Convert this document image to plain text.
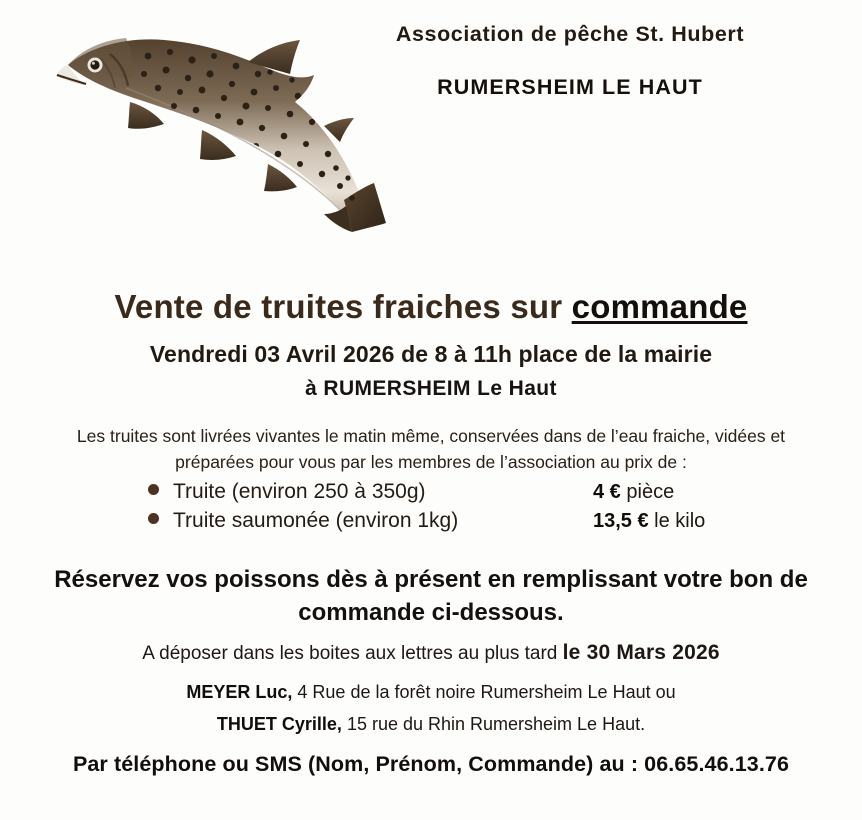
Association de pêche St. Hubert
RUMERSHEIM LE HAUT
Vente de truites fraiches sur commande
Vendredi 03 Avril 2026 de 8 à 11h place de la mairie
à RUMERSHEIM Le Haut
Les truites sont livrées vivantes le matin même, conservées dans de l’eau fraiche, vidées et
préparées pour vous par les membres de l’association au prix de :
Truite (environ 250 à 350g)	4 € pièce
Truite saumonée (environ 1kg)	13,5 € le kilo
Réservez vos poissons dès à présent en remplissant votre bon de
commande ci-dessous.
A déposer dans les boites aux lettres au plus tard le 30 Mars 2026
MEYER Luc, 4 Rue de la forêt noire Rumersheim Le Haut ou
THUET Cyrille, 15 rue du Rhin Rumersheim Le Haut.
Par téléphone ou SMS (Nom, Prénom, Commande) au : 06.65.46.13.76
